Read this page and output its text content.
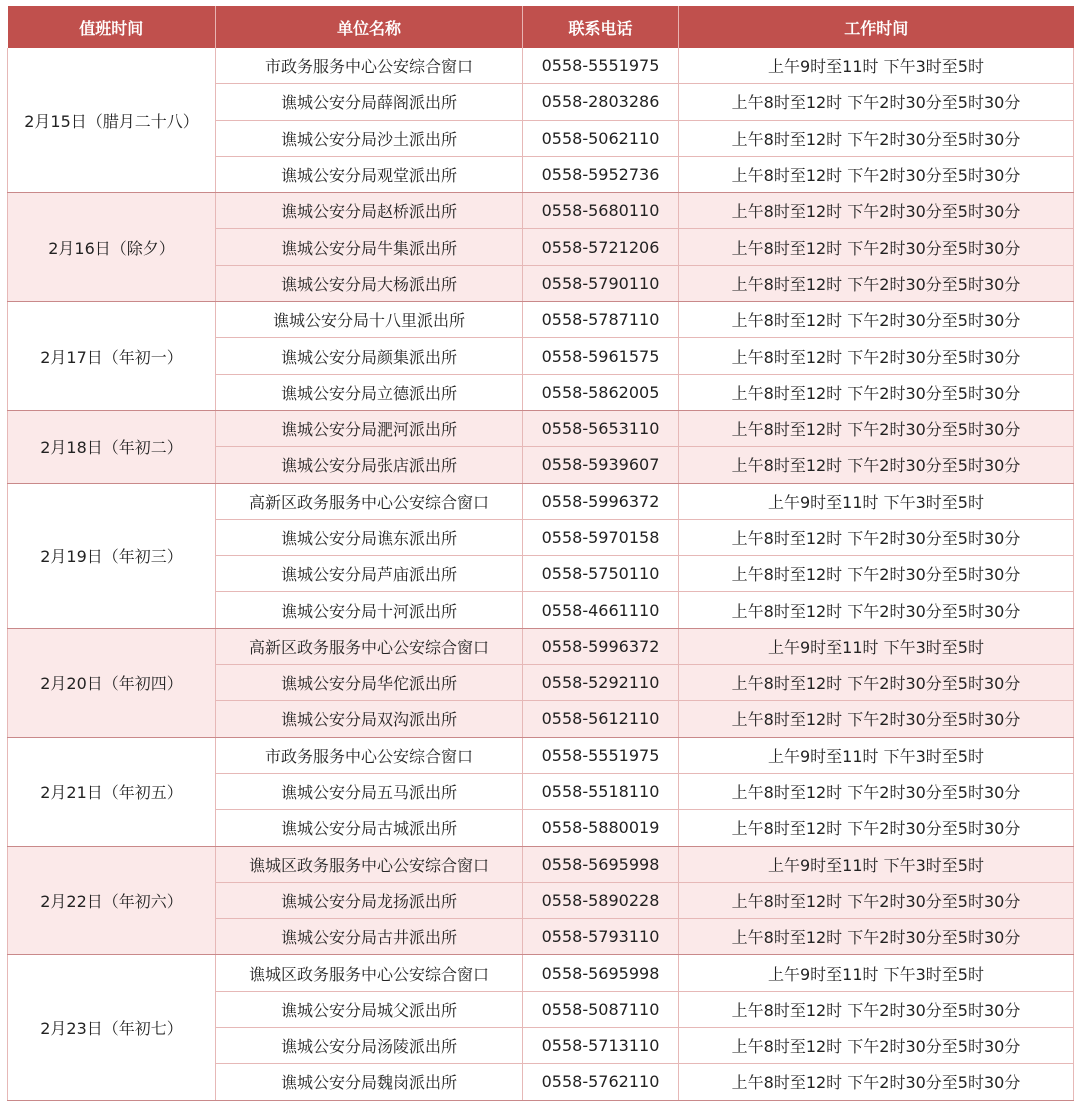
值班时间	单位名称	联系电话	工作时间
2月15日（腊月二十八）	市政务服务中心公安综合窗口	0558-5551975	上午9时至11时 下午3时至5时
	谯城公安分局薛阁派出所	0558-2803286	上午8时至12时 下午2时30分至5时30分
	谯城公安分局沙土派出所	0558-5062110	上午8时至12时 下午2时30分至5时30分
	谯城公安分局观堂派出所	0558-5952736	上午8时至12时 下午2时30分至5时30分
2月16日（除夕）	谯城公安分局赵桥派出所	0558-5680110	上午8时至12时 下午2时30分至5时30分
	谯城公安分局牛集派出所	0558-5721206	上午8时至12时 下午2时30分至5时30分
	谯城公安分局大杨派出所	0558-5790110	上午8时至12时 下午2时30分至5时30分
2月17日（年初一）	谯城公安分局十八里派出所	0558-5787110	上午8时至12时 下午2时30分至5时30分
	谯城公安分局颜集派出所	0558-5961575	上午8时至12时 下午2时30分至5时30分
	谯城公安分局立德派出所	0558-5862005	上午8时至12时 下午2时30分至5时30分
2月18日（年初二）	谯城公安分局淝河派出所	0558-5653110	上午8时至12时 下午2时30分至5时30分
	谯城公安分局张店派出所	0558-5939607	上午8时至12时 下午2时30分至5时30分
2月19日（年初三）	高新区政务服务中心公安综合窗口	0558-5996372	上午9时至11时 下午3时至5时
	谯城公安分局谯东派出所	0558-5970158	上午8时至12时 下午2时30分至5时30分
	谯城公安分局芦庙派出所	0558-5750110	上午8时至12时 下午2时30分至5时30分
	谯城公安分局十河派出所	0558-4661110	上午8时至12时 下午2时30分至5时30分
2月20日（年初四）	高新区政务服务中心公安综合窗口	0558-5996372	上午9时至11时 下午3时至5时
	谯城公安分局华佗派出所	0558-5292110	上午8时至12时 下午2时30分至5时30分
	谯城公安分局双沟派出所	0558-5612110	上午8时至12时 下午2时30分至5时30分
2月21日（年初五）	市政务服务中心公安综合窗口	0558-5551975	上午9时至11时 下午3时至5时
	谯城公安分局五马派出所	0558-5518110	上午8时至12时 下午2时30分至5时30分
	谯城公安分局古城派出所	0558-5880019	上午8时至12时 下午2时30分至5时30分
2月22日（年初六）	谯城区政务服务中心公安综合窗口	0558-5695998	上午9时至11时 下午3时至5时
	谯城公安分局龙扬派出所	0558-5890228	上午8时至12时 下午2时30分至5时30分
	谯城公安分局古井派出所	0558-5793110	上午8时至12时 下午2时30分至5时30分
2月23日（年初七）	谯城区政务服务中心公安综合窗口	0558-5695998	上午9时至11时 下午3时至5时
	谯城公安分局城父派出所	0558-5087110	上午8时至12时 下午2时30分至5时30分
	谯城公安分局汤陵派出所	0558-5713110	上午8时至12时 下午2时30分至5时30分
	谯城公安分局魏岗派出所	0558-5762110	上午8时至12时 下午2时30分至5时30分
